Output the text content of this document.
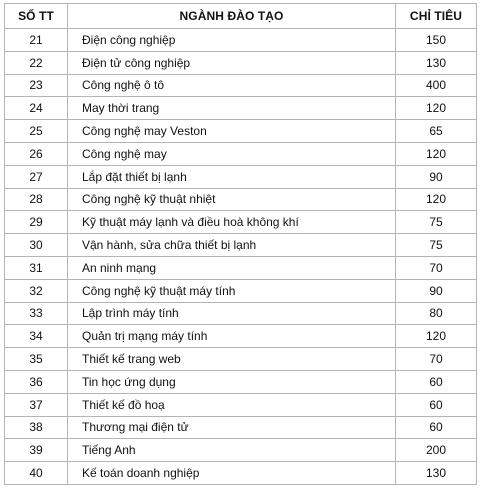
SỐ TT	NGÀNH ĐÀO TẠO	CHỈ TIÊU
21	Điện công nghiệp	150
22	Điện tử công nghiệp	130
23	Công nghệ ô tô	400
24	May thời trang	120
25	Công nghệ may Veston	65
26	Công nghệ may	120
27	Lắp đặt thiết bị lạnh	90
28	Công nghệ kỹ thuật nhiệt	120
29	Kỹ thuật máy lạnh và điều hoà không khí	75
30	Vận hành, sửa chữa thiết bị lạnh	75
31	An ninh mạng	70
32	Công nghệ kỹ thuật máy tính	90
33	Lập trình máy tính	80
34	Quản trị mạng máy tính	120
35	Thiết kế trang web	70
36	Tin học ứng dụng	60
37	Thiết kế đồ hoạ	60
38	Thương mại điện tử	60
39	Tiếng Anh	200
40	Kế toán doanh nghiệp	130
